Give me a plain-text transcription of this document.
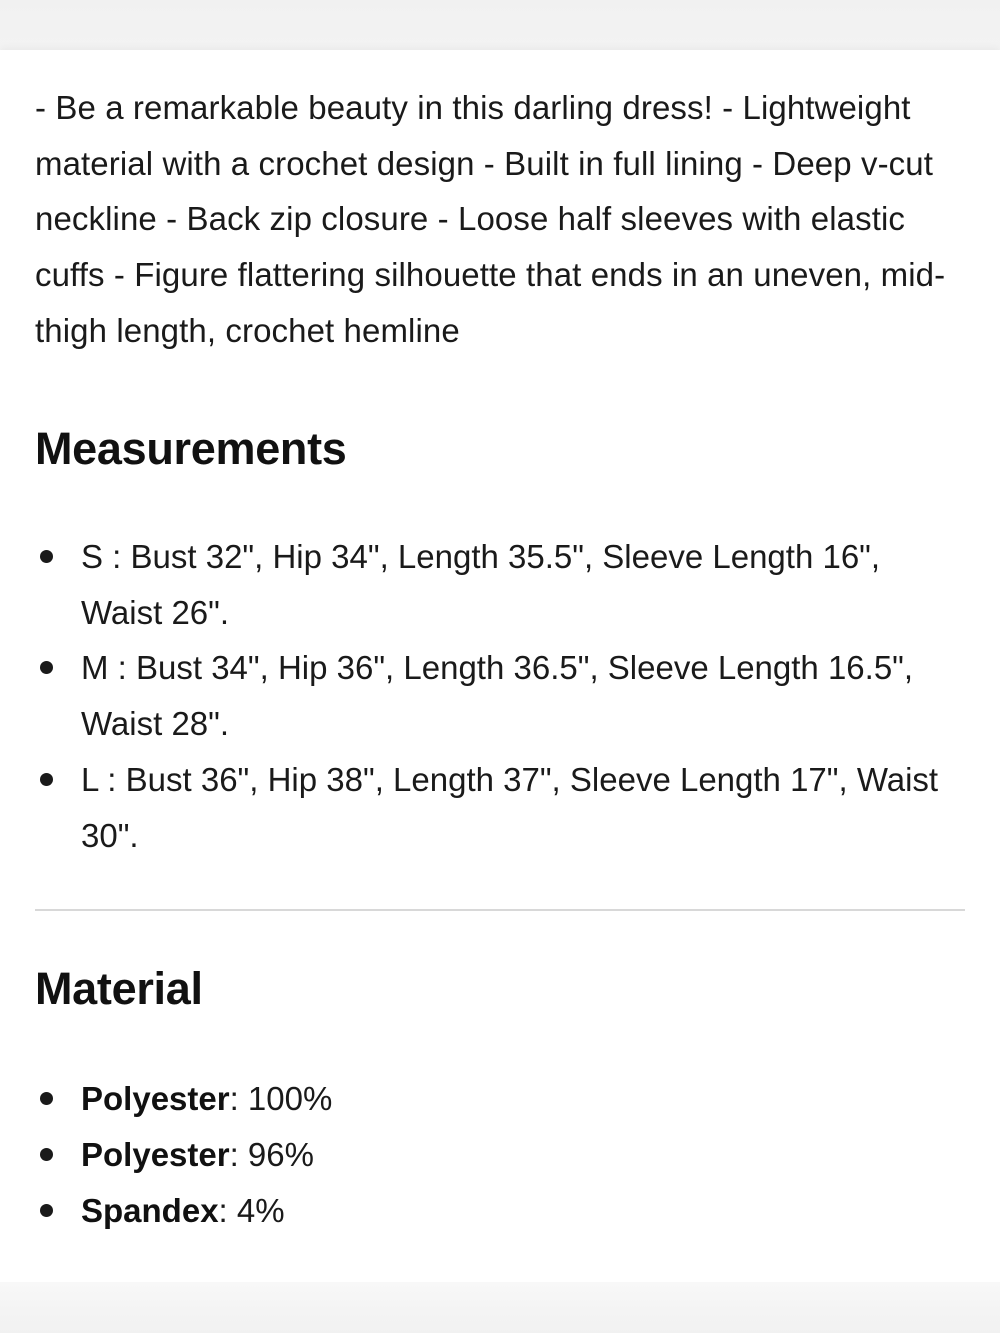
- Be a remarkable beauty in this darling dress! - Lightweight material with a crochet design - Built in full lining - Deep v-cut neckline - Back zip closure - Loose half sleeves with elastic cuffs - Figure flattering silhouette that ends in an uneven, mid-thigh length, crochet hemline

Measurements
S : Bust 32", Hip 34", Length 35.5", Sleeve Length 16", Waist 26".
M : Bust 34", Hip 36", Length 36.5", Sleeve Length 16.5", Waist 28".
L : Bust 36", Hip 38", Length 37", Sleeve Length 17", Waist 30".
Material
Polyester: 100%
Polyester: 96%
Spandex: 4%
